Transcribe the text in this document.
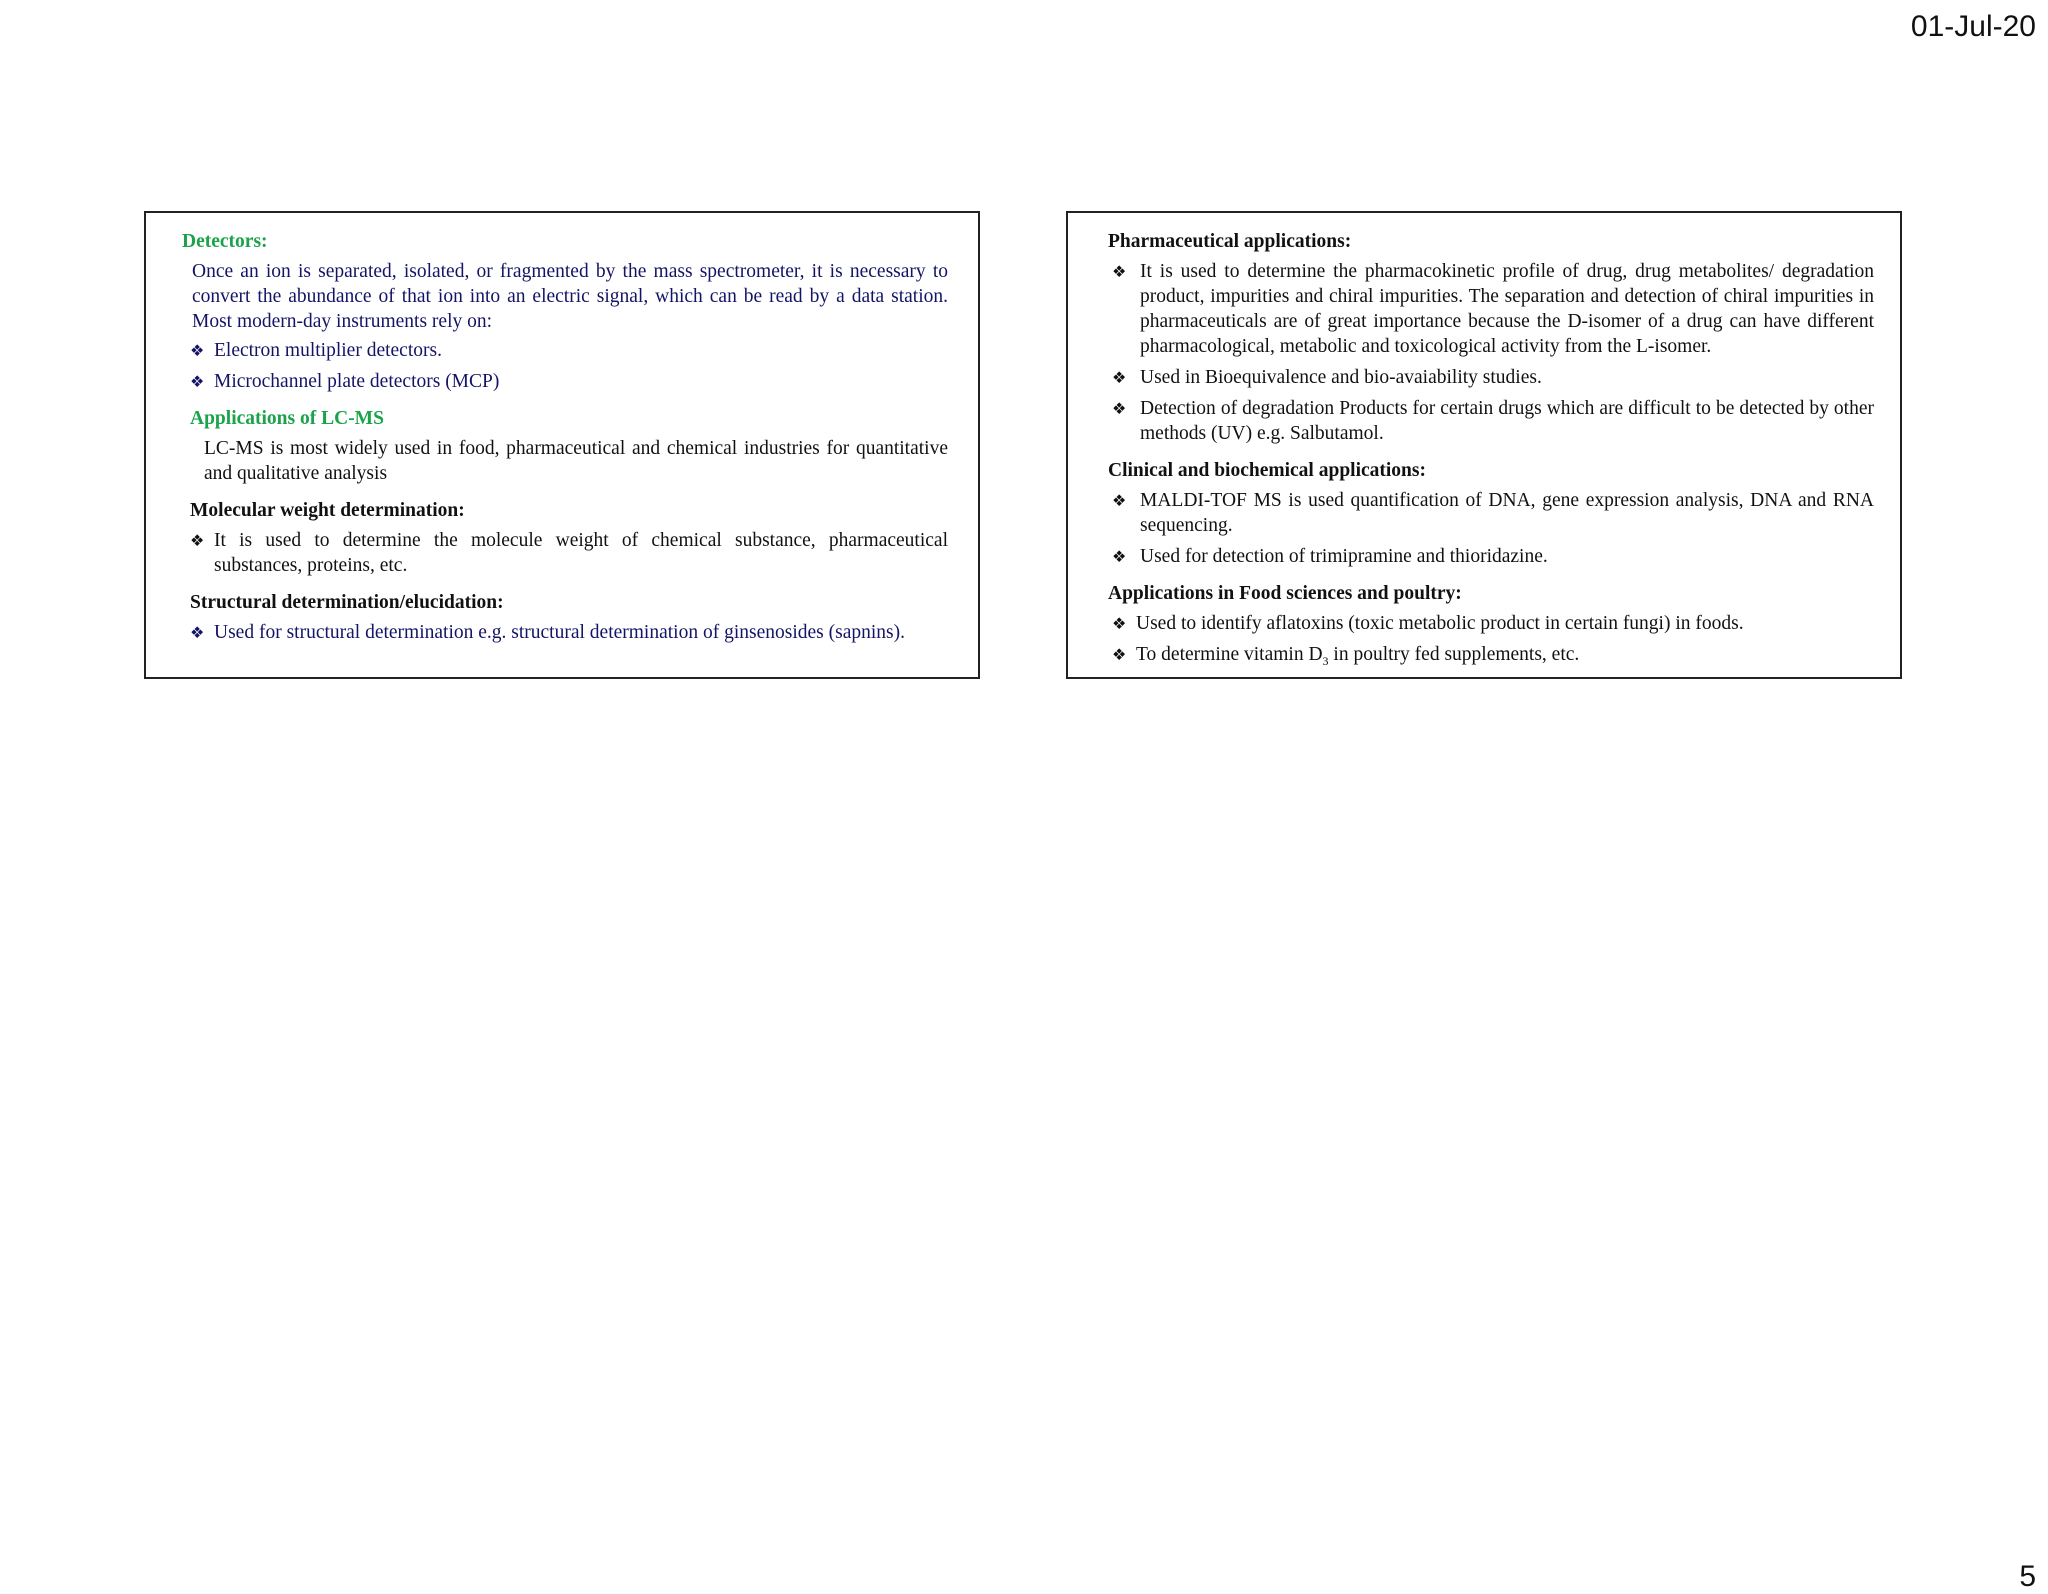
01-Jul-20
Detectors:

Once an ion is separated, isolated, or fragmented by the mass spectrometer, it is necessary to convert the abundance of that ion into an electric signal, which can be read by a data station. Most modern-day instruments rely on:

❖ Electron multiplier detectors.
❖ Microchannel plate detectors (MCP)
Applications of LC-MS

LC-MS is most widely used in food, pharmaceutical and chemical industries for quantitative and qualitative analysis

Molecular weight determination:
❖ It is used to determine the molecule weight of chemical substance, pharmaceutical substances, proteins, etc.
Structural determination/elucidation:
❖ Used for structural determination e.g. structural determination of ginsenosides (sapnins).
Pharmaceutical applications:
❖ It is used to determine the pharmacokinetic profile of drug, drug metabolites/ degradation product, impurities and chiral impurities. The separation and detection of chiral impurities in pharmaceuticals are of great importance because the D-isomer of a drug can have different pharmacological, metabolic and toxicological activity from the L-isomer.
❖ Used in Bioequivalence and bio-avaiability studies.
❖ Detection of degradation Products for certain drugs which are difficult to be detected by other methods (UV) e.g. Salbutamol.
Clinical and biochemical applications:
❖ MALDI-TOF MS is used quantification of DNA, gene expression analysis, DNA and RNA sequencing.
❖ Used for detection of trimipramine and thioridazine.
Applications in Food sciences and poultry:
❖ Used to identify aflatoxins (toxic metabolic product in certain fungi) in foods.
❖ To determine vitamin $D_3$ in poultry fed supplements, etc.
5
